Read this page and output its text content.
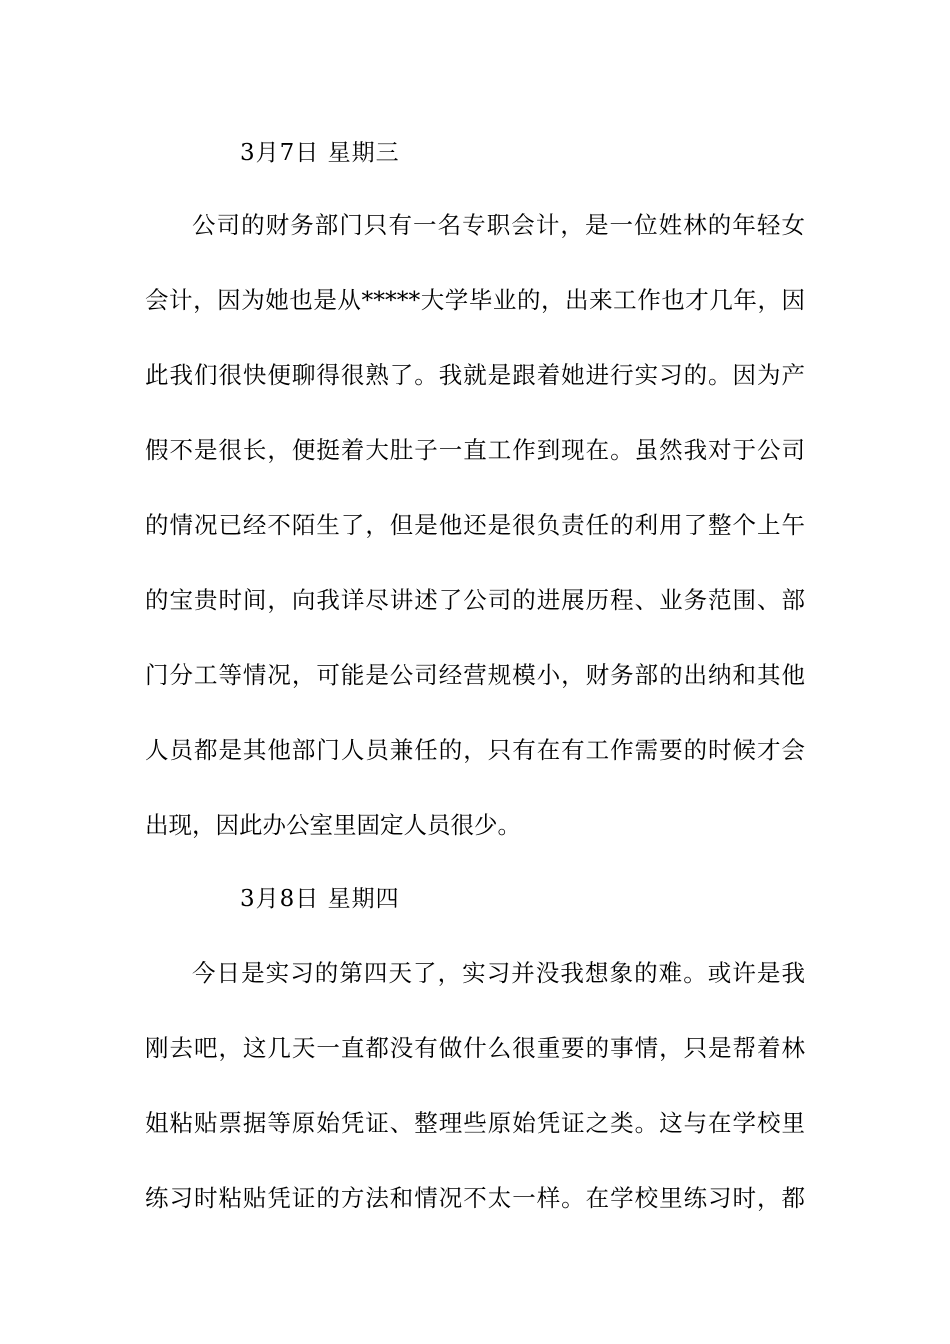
3月7日 星期三
公司的财务部门只有一名专职会计，是一位姓林的年轻女
会计，因为她也是从*****大学毕业的，出来工作也才几年，因
此我们很快便聊得很熟了。我就是跟着她进行实习的。因为产
假不是很长，便挺着大肚子一直工作到现在。虽然我对于公司
的情况已经不陌生了，但是他还是很负责任的利用了整个上午
的宝贵时间，向我详尽讲述了公司的进展历程、业务范围、部
门分工等情况，可能是公司经营规模小，财务部的出纳和其他
人员都是其他部门人员兼任的，只有在有工作需要的时候才会
出现，因此办公室里固定人员很少。
3月8日 星期四
今日是实习的第四天了，实习并没我想象的难。或许是我
刚去吧，这几天一直都没有做什么很重要的事情，只是帮着林
姐粘贴票据等原始凭证、整理些原始凭证之类。这与在学校里
练习时粘贴凭证的方法和情况不太一样。在学校里练习时，都
